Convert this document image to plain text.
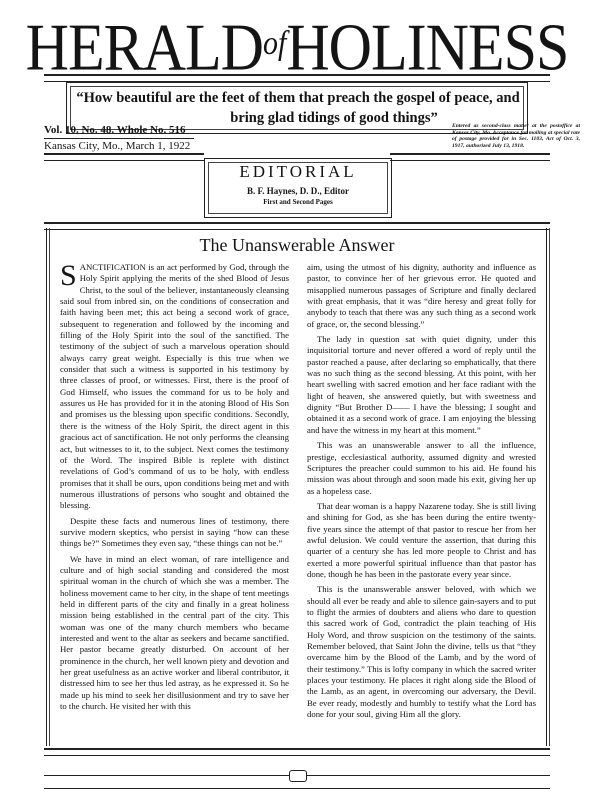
$HERALD^{of}HOLINESS$
“How beautiful are the feet of them that preach the gospel of peace, and
bring glad tidings of good things”
Vol. 10. No. 48. Whole No. 516
Kansas City, Mo., March 1, 1922
Entered as second-class matter at the postoffice at Kansas City, Mo. Acceptance for mailing at special rate of postage provided for in Sec. 1103, Act of Oct. 3, 1917, authorized July 13, 1918.
EDITORIAL
B. F. Haynes, D. D., Editor
First and Second Pages
The Unanswerable Answer

SANCTIFICATION is an act performed by God, through the Holy Spirit applying the merits of the shed Blood of Jesus Christ, to the soul of the believer, instantaneously cleansing said soul from inbred sin, on the conditions of consecration and faith having been met; this act being a second work of grace, subsequent to regeneration and followed by the incoming and filling of the Holy Spirit into the soul of the sanctified. The testimony of the subject of such a marvelous operation should always carry great weight. Especially is this true when we consider that such a witness is supported in his testimony by three classes of proof, or witnesses. First, there is the proof of God Himself, who issues the command for us to be holy and assures us He has provided for it in the atoning Blood of His Son and promises us the blessing upon specific conditions. Secondly, there is the witness of the Holy Spirit, the direct agent in this gracious act of sanctification. He not only performs the cleansing act, but witnesses to it, to the subject. Next comes the testimony of the Word. The inspired Bible is replete with distinct revelations of God’s command of us to be holy, with endless promises that it shall be ours, upon conditions being met and with numerous illustrations of persons who sought and obtained the blessing.

Despite these facts and numerous lines of testimony, there survive modern skeptics, who persist in saying “how can these things be?” Sometimes they even say, “these things can not be.”

We have in mind an elect woman, of rare intelligence and culture and of high social standing and considered the most spiritual woman in the church of which she was a member. The holiness movement came to her city, in the shape of tent meetings held in different parts of the city and finally in a great holiness mission being established in the central part of the city. This woman was one of the many church members who became interested and went to the altar as seekers and became sanctified. Her pastor became greatly disturbed. On account of her prominence in the church, her well known piety and devotion and her great usefulness as an active worker and liberal contributor, it distressed him to see her thus led astray, as he expressed it. So he made up his mind to seek her disillusionment and try to save her to the church. He visited her with this

aim, using the utmost of his dignity, authority and influence as pastor, to convince her of her grievous error. He quoted and misapplied numerous passages of Scripture and finally declared with great emphasis, that it was “dire heresy and great folly for anybody to teach that there was any such thing as a second work of grace, or, the second blessing.”

The lady in question sat with quiet dignity, under this inquisitorial torture and never offered a word of reply until the pastor reached a pause, after declaring so emphatically, that there was no such thing as the second blessing. At this point, with her heart swelling with sacred emotion and her face radiant with the light of heaven, she answered quietly, but with sweetness and dignity “But Brother D—— I have the blessing; I sought and obtained it as a second work of grace. I am enjoying the blessing and have the witness in my heart at this moment.”

This was an unanswerable answer to all the influence, prestige, ecclesiastical authority, assumed dignity and wrested Scriptures the preacher could summon to his aid. He found his mission was about through and soon made his exit, giving her up as a hopeless case.

That dear woman is a happy Nazarene today. She is still living and shining for God, as she has been during the entire twenty-five years since the attempt of that pastor to rescue her from her awful delusion. We could venture the assertion, that during this quarter of a century she has led more people to Christ and has exerted a more powerful spiritual influence than that pastor has done, though he has been in the pastorate every year since.

This is the unanswerable answer beloved, with which we should all ever be ready and able to silence gain-sayers and to put to flight the armies of doubters and aliens who dare to question this sacred work of God, contradict the plain teaching of His Holy Word, and throw suspicion on the testimony of the saints. Remember beloved, that Saint John the divine, tells us that “they overcame him by the Blood of the Lamb, and by the word of their testimony.” This is lofty company in which the sacred writer places your testimony. He places it right along side the Blood of the Lamb, as an agent, in overcoming our adversary, the Devil. Be ever ready, modestly and humbly to testify what the Lord has done for your soul, giving Him all the glory.
